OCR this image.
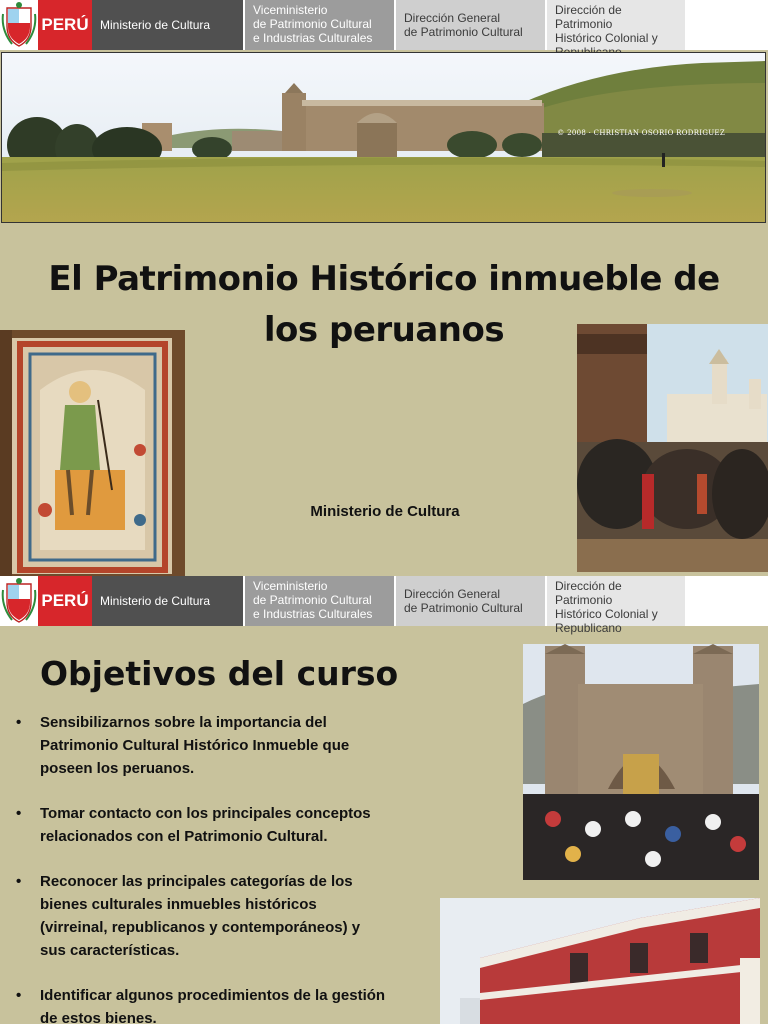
PERÚ Ministerio de Cultura
Viceministerio
de Patrimonio Cultural
e Industrias Culturales
Dirección General
de Patrimonio Cultural
Dirección de Patrimonio
Histórico Colonial y
© 2008 · CHRISTIAN OSORIO RODRIGUEZ
El Patrimonio Histórico inmueble de
los peruanos
Ministerio de Cultura
PERÚ Ministerio de Cultura
Viceministerio
de Patrimonio Cultural
e Industrias Culturales
Dirección General
de Patrimonio Cultural
Dirección de Patrimonio
Histórico Colonial y
Republicano
Objetivos del curso
• Sensibilizarnos sobre la importancia del
Patrimonio Cultural Histórico Inmueble que
poseen los peruanos.
• Tomar contacto con los principales conceptos
relacionados con el Patrimonio Cultural.
• Reconocer las principales categorías de los
bienes culturales inmuebles históricos
(virreinal, republicanos y contemporáneos) y
sus características.
• Identificar algunos procedimientos de la gestión
de estos bienes.
